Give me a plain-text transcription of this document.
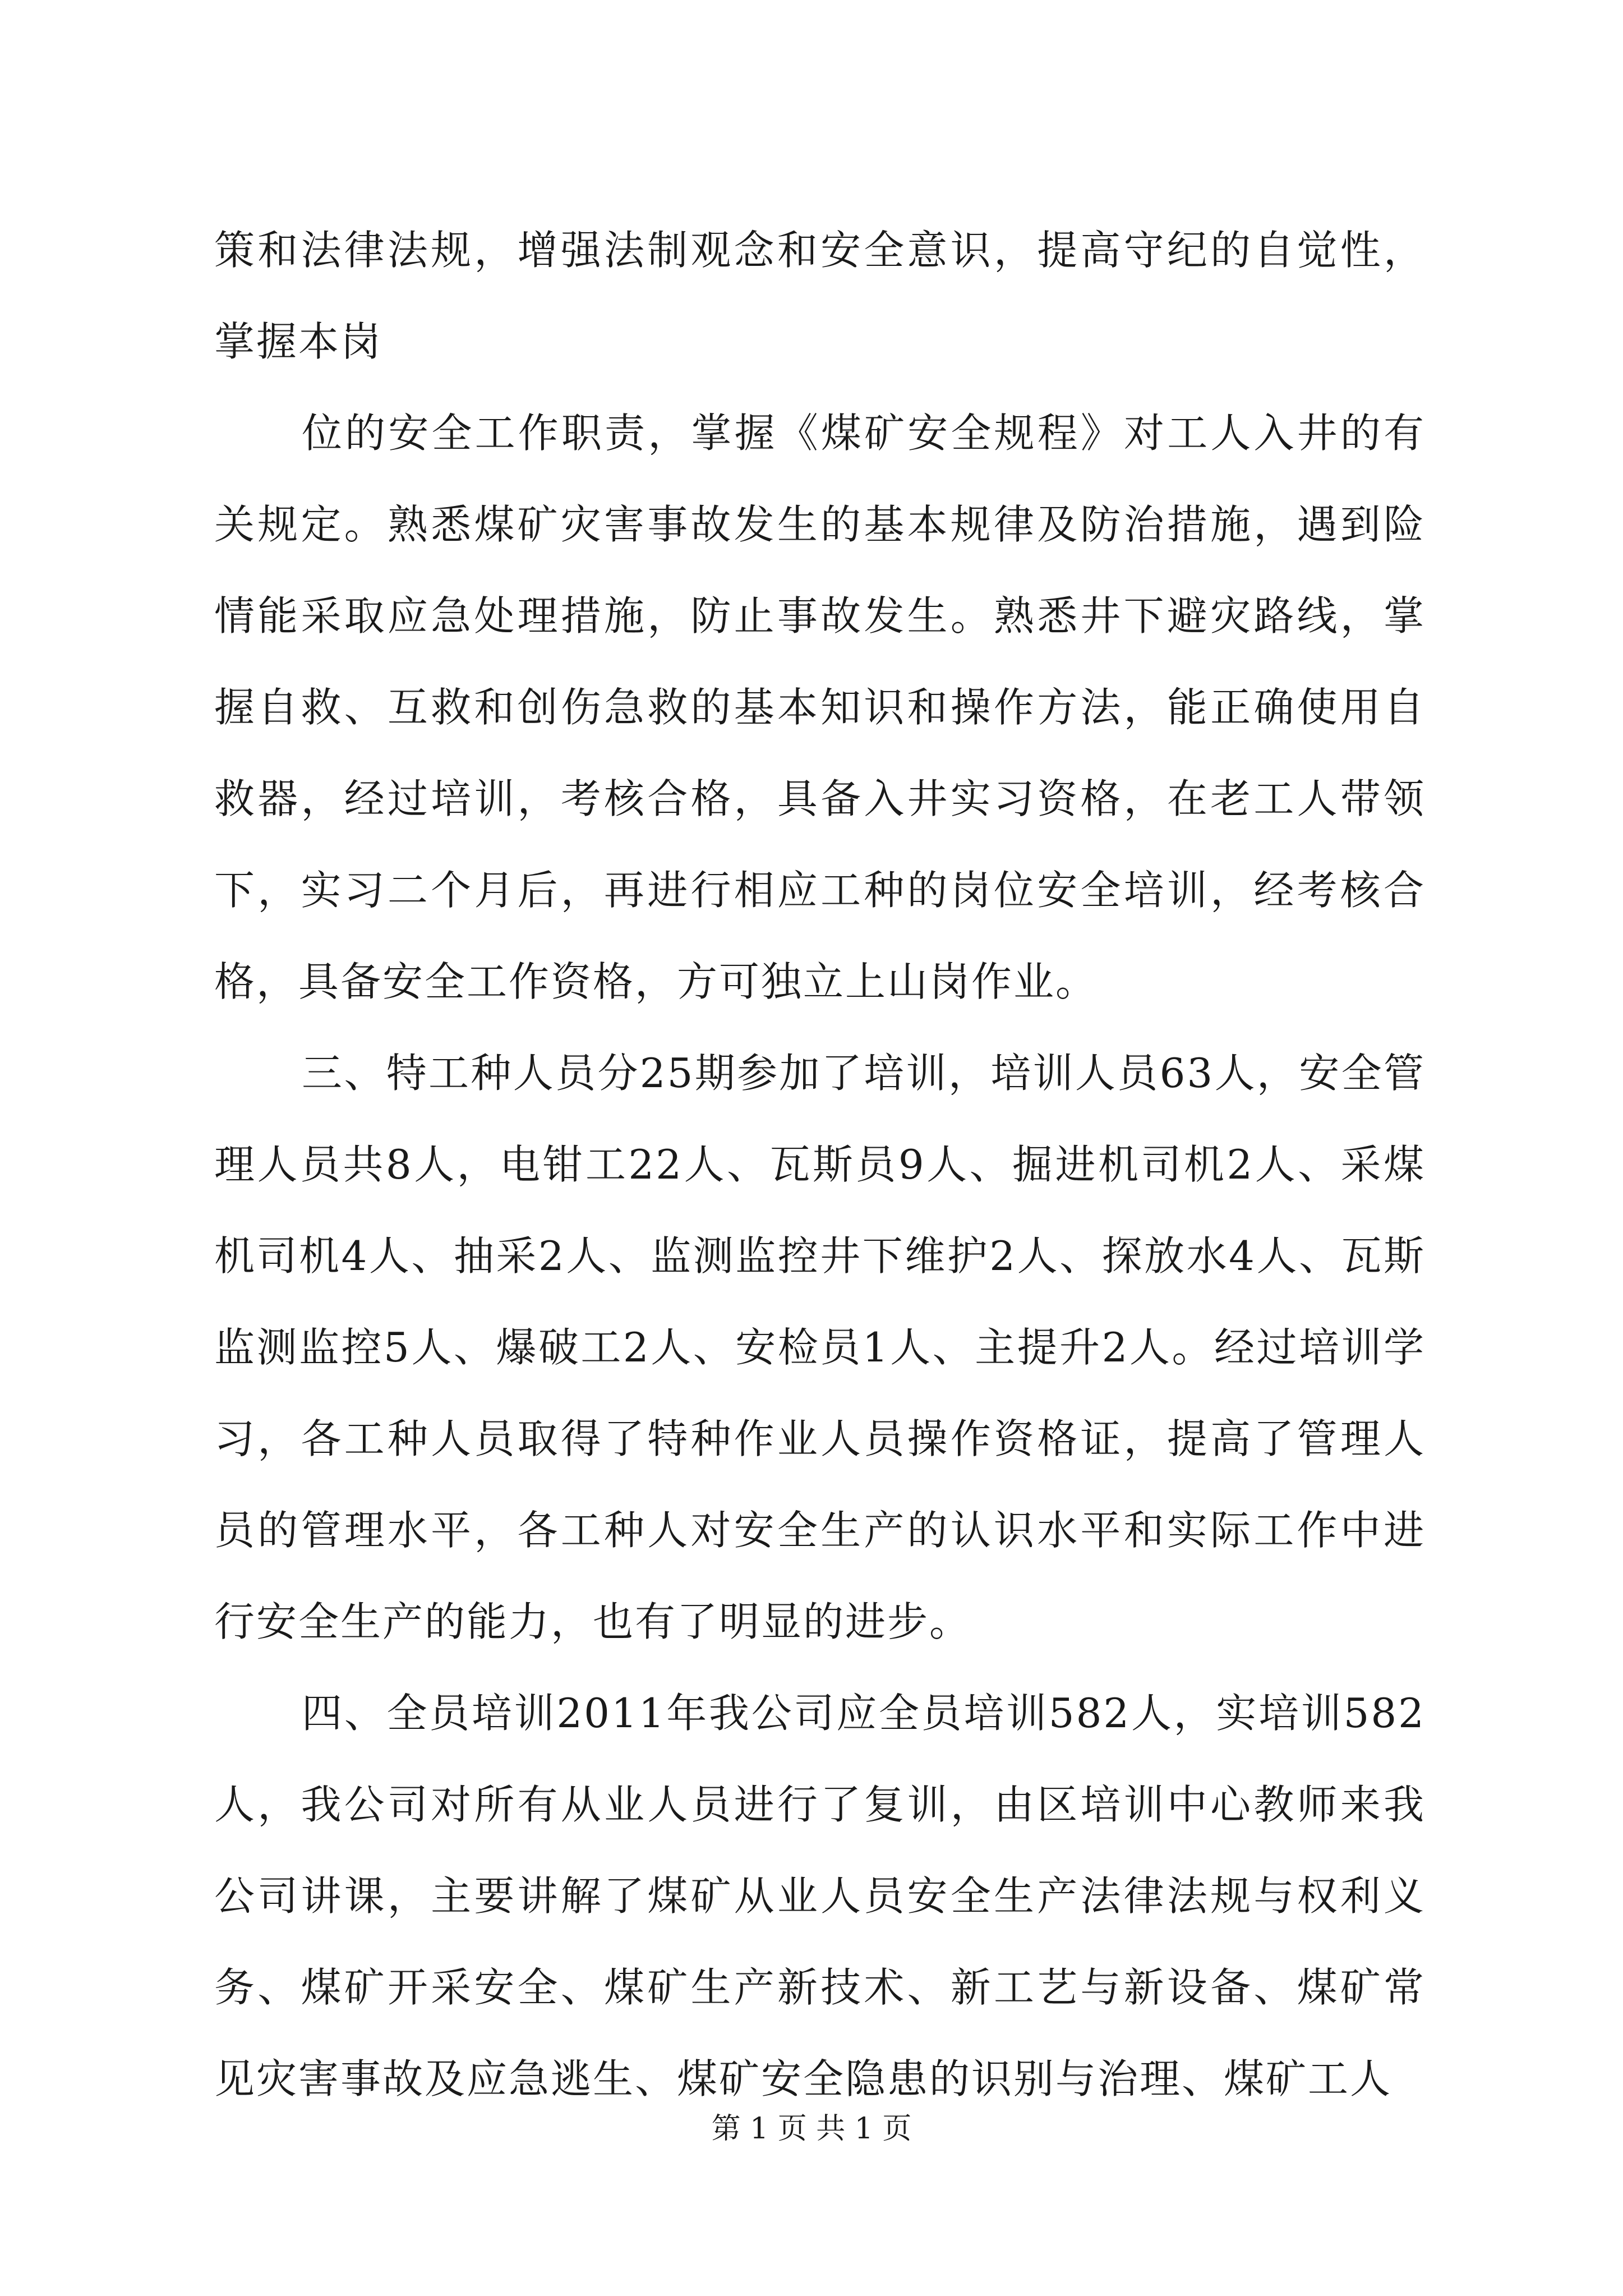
策和法律法规，增强法制观念和安全意识，提高守纪的自觉性，掌握本岗

位的安全工作职责，掌握《煤矿安全规程》对工人入井的有关规定。熟悉煤矿灾害事故发生的基本规律及防治措施，遇到险情能采取应急处理措施，防止事故发生。熟悉井下避灾路线，掌握自救、互救和创伤急救的基本知识和操作方法，能正确使用自救器，经过培训，考核合格，具备入井实习资格，在老工人带领下，实习二个月后，再进行相应工种的岗位安全培训，经考核合格，具备安全工作资格，方可独立上山岗作业。

三、特工种人员分25期参加了培训，培训人员63人，安全管理人员共8人，电钳工22人、瓦斯员9人、掘进机司机2人、采煤机司机4人、抽采2人、监测监控井下维护2人、探放水4人、瓦斯监测监控5人、爆破工2人、安检员1人、主提升2人。经过培训学习，各工种人员取得了特种作业人员操作资格证，提高了管理人员的管理水平，各工种人对安全生产的认识水平和实际工作中进行安全生产的能力，也有了明显的进步。

四、全员培训2011年我公司应全员培训582人，实培训582人，我公司对所有从业人员进行了复训，由区培训中心教师来我公司讲课，主要讲解了煤矿从业人员安全生产法律法规与权利义务、煤矿开采安全、煤矿生产新技术、新工艺与新设备、煤矿常见灾害事故及应急逃生、煤矿安全隐患的识别与治理、煤矿工人

第 1 页 共 1 页
